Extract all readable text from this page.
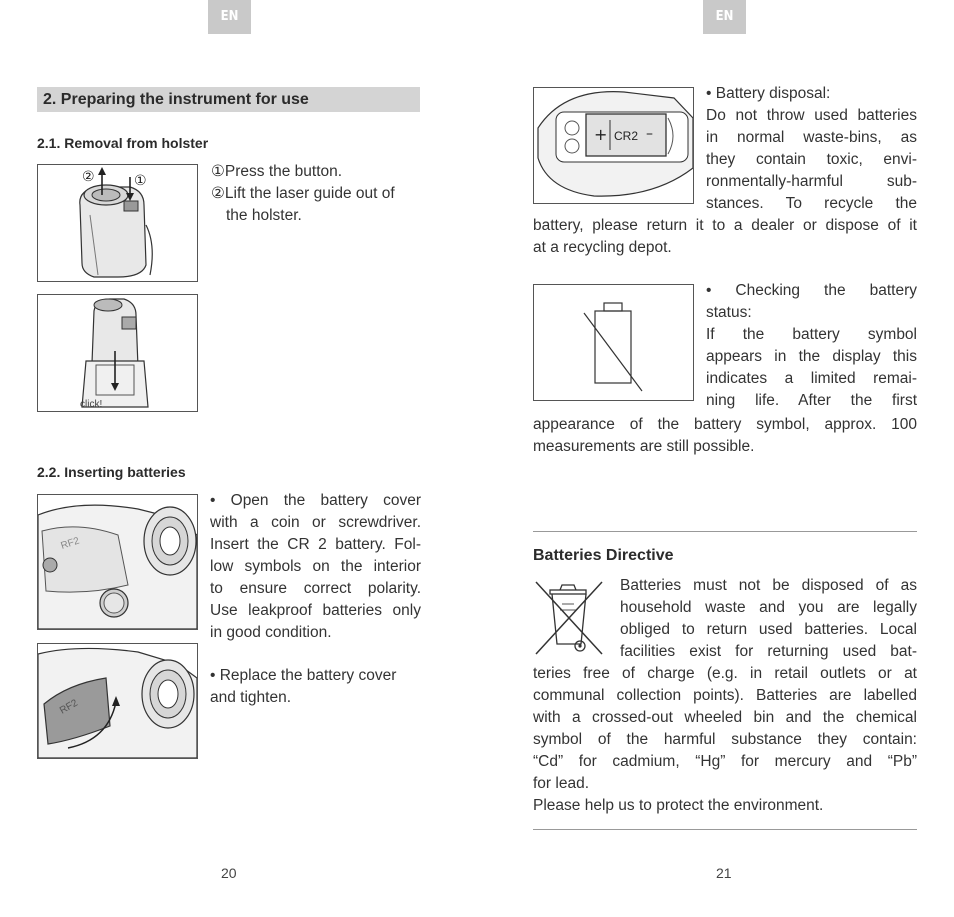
EN
2. Preparing the instrument for use
2.1. Removal from holster
②	①
①Press the button.
②Lift the laser guide out of
the holster.
click!
2.2. Inserting batteries
RF2
• Open the battery cover
with a coin or screwdriver.
Insert the CR 2 battery. Fol-
low symbols on the interior
to ensure correct polarity.
Use leakproof batteries only
in good condition.
RF2
• Replace the battery cover
and tighten.
20
EN
+ CR2 –
• Battery disposal:
Do not throw used batteries
in normal waste-bins, as
they contain toxic, envi-
ronmentally-harmful sub-
stances. To recycle the
battery, please return it to a dealer or dispose of it
at a recycling depot.
• Checking the battery
status:
If the battery symbol
appears in the display this
indicates a limited remai-
ning life. After the first
appearance of the battery symbol, approx. 100
measurements are still possible.
Batteries Directive
Batteries must not be disposed of as
household waste and you are legally
obliged to return used batteries. Local
facilities exist for returning used bat-
teries free of charge (e.g. in retail outlets or at
communal collection points). Batteries are labelled
with a crossed-out wheeled bin and the chemical
symbol of the harmful substance they contain:
“Cd” for cadmium, “Hg” for mercury and “Pb”
for lead.
Please help us to protect the environment.
21
